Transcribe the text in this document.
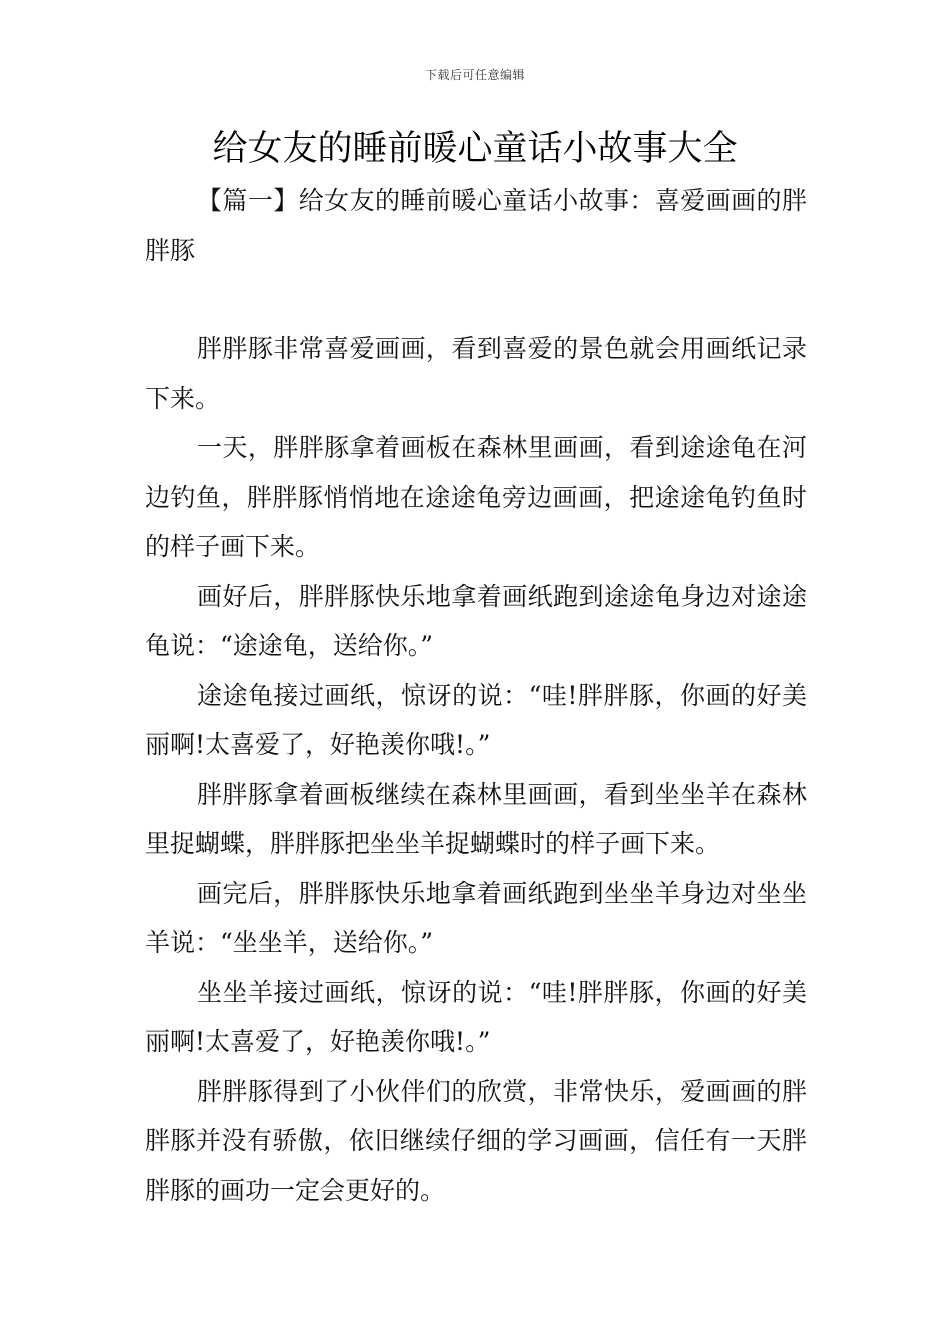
下载后可任意编辑
给女友的睡前暖心童话小故事大全

【篇一】给女友的睡前暖心童话小故事：喜爱画画的胖胖豚

胖胖豚非常喜爱画画，看到喜爱的景色就会用画纸记录下来。

一天，胖胖豚拿着画板在森林里画画，看到途途龟在河边钓鱼，胖胖豚悄悄地在途途龟旁边画画，把途途龟钓鱼时的样子画下来。

画好后，胖胖豚快乐地拿着画纸跑到途途龟身边对途途龟说：“途途龟，送给你。”

途途龟接过画纸，惊讶的说：“哇!胖胖豚，你画的好美丽啊!太喜爱了，好艳羡你哦!。”

胖胖豚拿着画板继续在森林里画画，看到坐坐羊在森林里捉蝴蝶，胖胖豚把坐坐羊捉蝴蝶时的样子画下来。

画完后，胖胖豚快乐地拿着画纸跑到坐坐羊身边对坐坐羊说：“坐坐羊，送给你。”

坐坐羊接过画纸，惊讶的说：“哇!胖胖豚，你画的好美丽啊!太喜爱了，好艳羡你哦!。”

胖胖豚得到了小伙伴们的欣赏，非常快乐，爱画画的胖胖豚并没有骄傲，依旧继续仔细的学习画画，信任有一天胖胖豚的画功一定会更好的。
